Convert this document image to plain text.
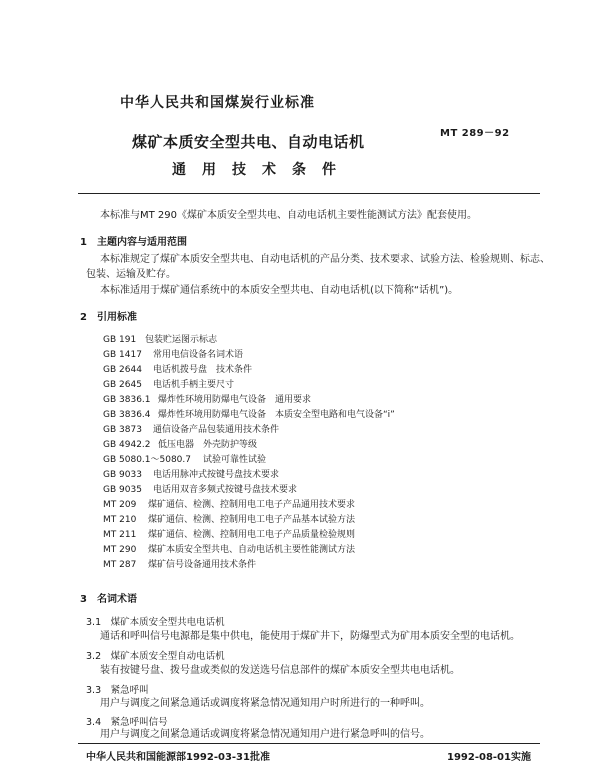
中华人民共和国煤炭行业标准
MT 289－92
煤矿本质安全型共电、自动电话机
通用技术条件
本标准与MT 290《煤矿本质安全型共电、自动电话机主要性能测试方法》配套使用。
1　主题内容与适用范围
本标准规定了煤矿本质安全型共电、自动电话机的产品分类、技术要求、试验方法、检验规则、标志、
包装、运输及贮存。
本标准适用于煤矿通信系统中的本质安全型共电、自动电话机(以下简称“话机”)。
2　引用标准
GB 191 包装贮运图示标志
GB 1417	常用电信设备名词术语
GB 2644	电话机拨号盘　技术条件
GB 2645	电话机手柄主要尺寸
GB 3836.1 爆炸性环境用防爆电气设备　通用要求
GB 3836.4 爆炸性环境用防爆电气设备　本质安全型电路和电气设备“i”
GB 3873	通信设备产品包装通用技术条件
GB 4942.2 低压电器　外壳防护等级
GB 5080.1～5080.7	试验可靠性试验
GB 9033	电话用脉冲式按键号盘技术要求
GB 9035	电话用双音多频式按键号盘技术要求
MT 209	煤矿通信、检测、控制用电工电子产品通用技术要求
MT 210	煤矿通信、检测、控制用电工电子产品基本试验方法
MT 211	煤矿通信、检测、控制用电工电子产品质量检验规则
MT 290	煤矿本质安全型共电、自动电话机主要性能测试方法
MT 287	煤矿信号设备通用技术条件
3　名词术语
3.1　煤矿本质安全型共电电话机
通话和呼叫信号电源都是集中供电，能使用于煤矿井下，防爆型式为矿用本质安全型的电话机。
3.2　煤矿本质安全型自动电话机
装有按键号盘、拨号盘或类似的发送选号信息部件的煤矿本质安全型共电电话机。
3.3　紧急呼叫
用户与调度之间紧急通话或调度将紧急情况通知用户时所进行的一种呼叫。
3.4　紧急呼叫信号
用户与调度之间紧急通话或调度将紧急情况通知用户进行紧急呼叫的信号。
中华人民共和国能源部1992-03-31批准	1992-08-01实施
